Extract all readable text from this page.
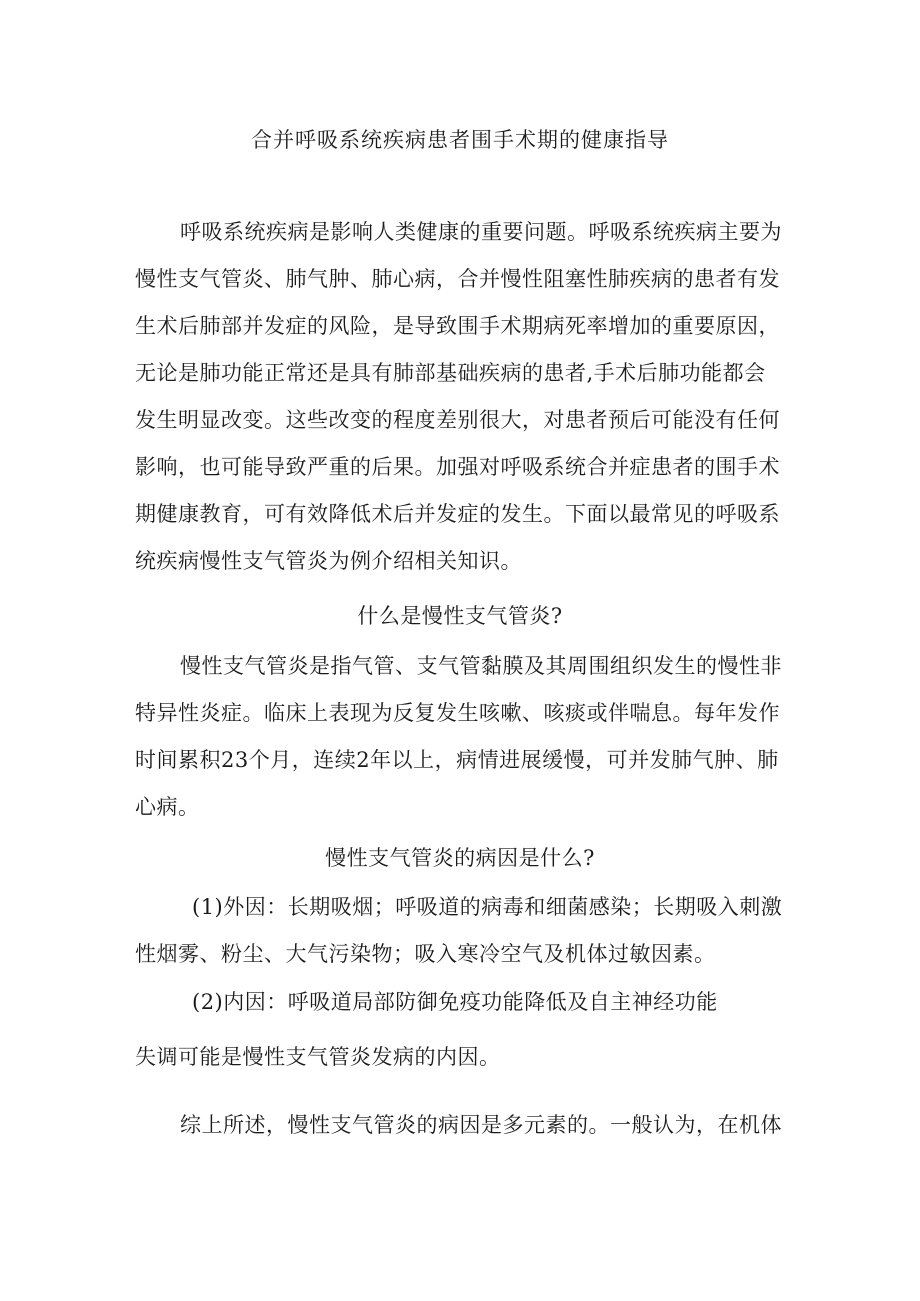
合并呼吸系统疾病患者围手术期的健康指导
呼吸系统疾病是影响人类健康的重要问题。呼吸系统疾病主要为
慢性支气管炎、肺气肿、肺心病，合并慢性阻塞性肺疾病的患者有发
生术后肺部并发症的风险，是导致围手术期病死率增加的重要原因，
无论是肺功能正常还是具有肺部基础疾病的患者,手术后肺功能都会
发生明显改变。这些改变的程度差别很大，对患者预后可能没有任何
影响，也可能导致严重的后果。加强对呼吸系统合并症患者的围手术
期健康教育，可有效降低术后并发症的发生。下面以最常见的呼吸系
统疾病慢性支气管炎为例介绍相关知识。
什么是慢性支气管炎?
慢性支气管炎是指气管、支气管黏膜及其周围组织发生的慢性非
特异性炎症。临床上表现为反复发生咳嗽、咳痰或伴喘息。每年发作
时间累积23个月，连续2年以上，病情进展缓慢，可并发肺气肿、肺
心病。
慢性支气管炎的病因是什么?
(1)外因：长期吸烟；呼吸道的病毒和细菌感染；长期吸入刺激
性烟雾、粉尘、大气污染物；吸入寒冷空气及机体过敏因素。
(2)内因：呼吸道局部防御免疫功能降低及自主神经功能
失调可能是慢性支气管炎发病的内因。
综上所述，慢性支气管炎的病因是多元素的。一般认为，在机体
